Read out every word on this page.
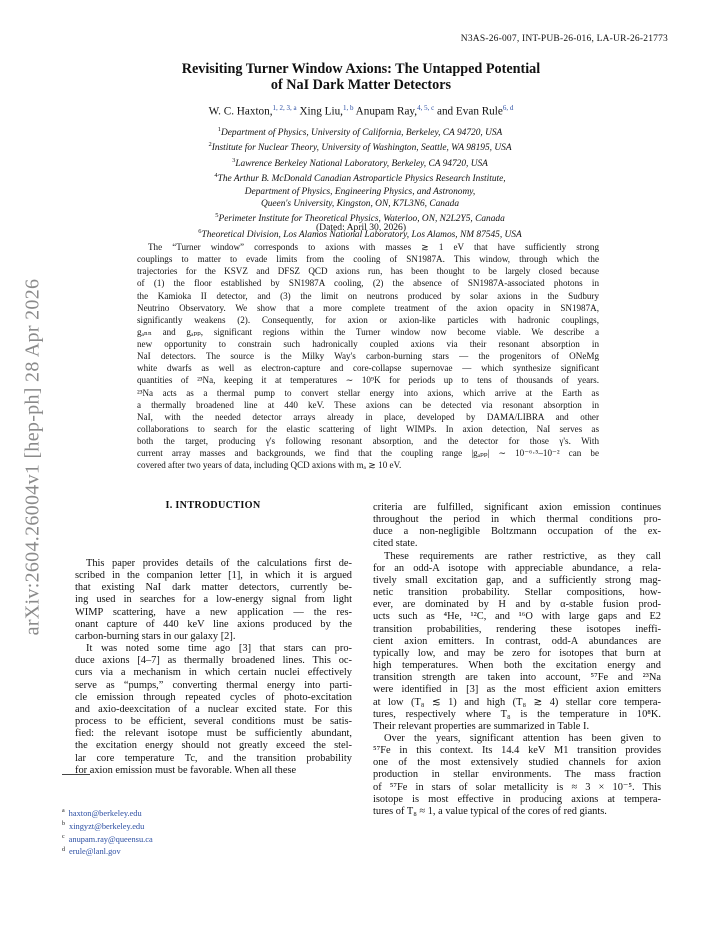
N3AS-26-007, INT-PUB-26-016, LA-UR-26-21773
arXiv:2604.26004v1 [hep-ph] 28 Apr 2026
Revisiting Turner Window Axions: The Untapped Potential
of NaI Dark Matter Detectors
W. C. Haxton,$^{1, 2, 3, a}$ Xing Liu,$^{1, b}$ Anupam Ray,$^{4, 5, c}$ and Evan Rule$^{6, d}$
$^1$Department of Physics, University of California, Berkeley, CA 94720, USA
$^2$Institute for Nuclear Theory, University of Washington, Seattle, WA 98195, USA
$^3$Lawrence Berkeley National Laboratory, Berkeley, CA 94720, USA
$^4$The Arthur B. McDonald Canadian Astroparticle Physics Research Institute,
Department of Physics, Engineering Physics, and Astronomy,
Queen's University, Kingston, ON, K7L3N6, Canada
$^5$Perimeter Institute for Theoretical Physics, Waterloo, ON, N2L2Y5, Canada
$^6$Theoretical Division, Los Alamos National Laboratory, Los Alamos, NM 87545, USA
(Dated: April 30, 2026)
The “Turner window” corresponds to axions with masses ≳ 1 eV that have sufficiently strong
couplings to matter to evade limits from the cooling of SN1987A. This window, through which the
trajectories for the KSVZ and DFSZ QCD axions run, has been thought to be largely closed because
of (1) the floor established by SN1987A cooling, (2) the absence of SN1987A-associated photons in
the Kamioka II detector, and (3) the limit on neutrons produced by solar axions in the Sudbury
Neutrino Observatory. We show that a more complete treatment of the axion opacity in SN1987A,
significantly weakens (2). Consequently, for axion or axion-like particles with hadronic couplings,
gₐₙₙ and gₐₚₚ, significant regions within the Turner window now become viable. We describe a
new opportunity to constrain such hadronically coupled axions via their resonant absorption in
NaI detectors. The source is the Milky Way's carbon-burning stars — the progenitors of ONeMg
white dwarfs as well as electron-capture and core-collapse supernovae — which synthesize significant
quantities of ²³Na, keeping it at temperatures ∼ 10⁹K for periods up to tens of thousands of years.
²³Na acts as a thermal pump to convert stellar energy into axions, which arrive at the Earth as
a thermally broadened line at 440 keV. These axions can be detected via resonant absorption in
NaI, with the needed detector arrays already in place, developed by DAMA/LIBRA and other
collaborations to search for the elastic scattering of light WIMPs. In axion detection, NaI serves as
both the target, producing γ's following resonant absorption, and the detector for those γ's. With
current array masses and backgrounds, we find that the coupling range |gₐₚₚ| ∼ 10⁻⁶·⁵–10⁻² can be
covered after two years of data, including QCD axions with mₐ ≳ 10 eV.
I. INTRODUCTION
This paper provides details of the calculations first de-
scribed in the companion letter [1], in which it is argued
that existing NaI dark matter detectors, currently be-
ing used in searches for a low-energy signal from light
WIMP scattering, have a new application — the res-
onant capture of 440 keV line axions produced by the
carbon-burning stars in our galaxy [2].
It was noted some time ago [3] that stars can pro-
duce axions [4–7] as thermally broadened lines. This oc-
curs via a mechanism in which certain nuclei effectively
serve as “pumps,” converting thermal energy into parti-
cle emission through repeated cycles of photo-excitation
and axio-deexcitation of a nuclear excited state. For this
process to be efficient, several conditions must be satis-
fied: the relevant isotope must be sufficiently abundant,
the excitation energy should not greatly exceed the stel-
lar core temperature Tc, and the transition probability
for axion emission must be favorable. When all these
criteria are fulfilled, significant axion emission continues
throughout the period in which thermal conditions pro-
duce a non-negligible Boltzmann occupation of the ex-
cited state.
These requirements are rather restrictive, as they call
for an odd-A isotope with appreciable abundance, a rela-
tively small excitation gap, and a sufficiently strong mag-
netic transition probability. Stellar compositions, how-
ever, are dominated by H and by α-stable fusion prod-
ucts such as ⁴He, ¹²C, and ¹⁶O with large gaps and E2
transition probabilities, rendering these isotopes ineffi-
cient axion emitters. In contrast, odd-A abundances are
typically low, and may be zero for isotopes that burn at
high temperatures. When both the excitation energy and
transition strength are taken into account, ⁵⁷Fe and ²³Na
were identified in [3] as the most efficient axion emitters
at low (T₈ ≲ 1) and high (T₈ ≳ 4) stellar core tempera-
tures, respectively where T₈ is the temperature in 10⁸K.
Their relevant properties are summarized in Table I.
Over the years, significant attention has been given to
⁵⁷Fe in this context. Its 14.4 keV M1 transition provides
one of the most extensively studied channels for axion
production in stellar environments. The mass fraction
of ⁵⁷Fe in stars of solar metallicity is ≈ 3 × 10⁻⁵. This
isotope is most effective in producing axions at tempera-
tures of T₈ ≈ 1, a value typical of the cores of red giants.
$^a$ haxton@berkeley.edu
$^b$ xingyzt@berkeley.edu
$^c$ anupam.ray@queensu.ca
$^d$ erule@lanl.gov
